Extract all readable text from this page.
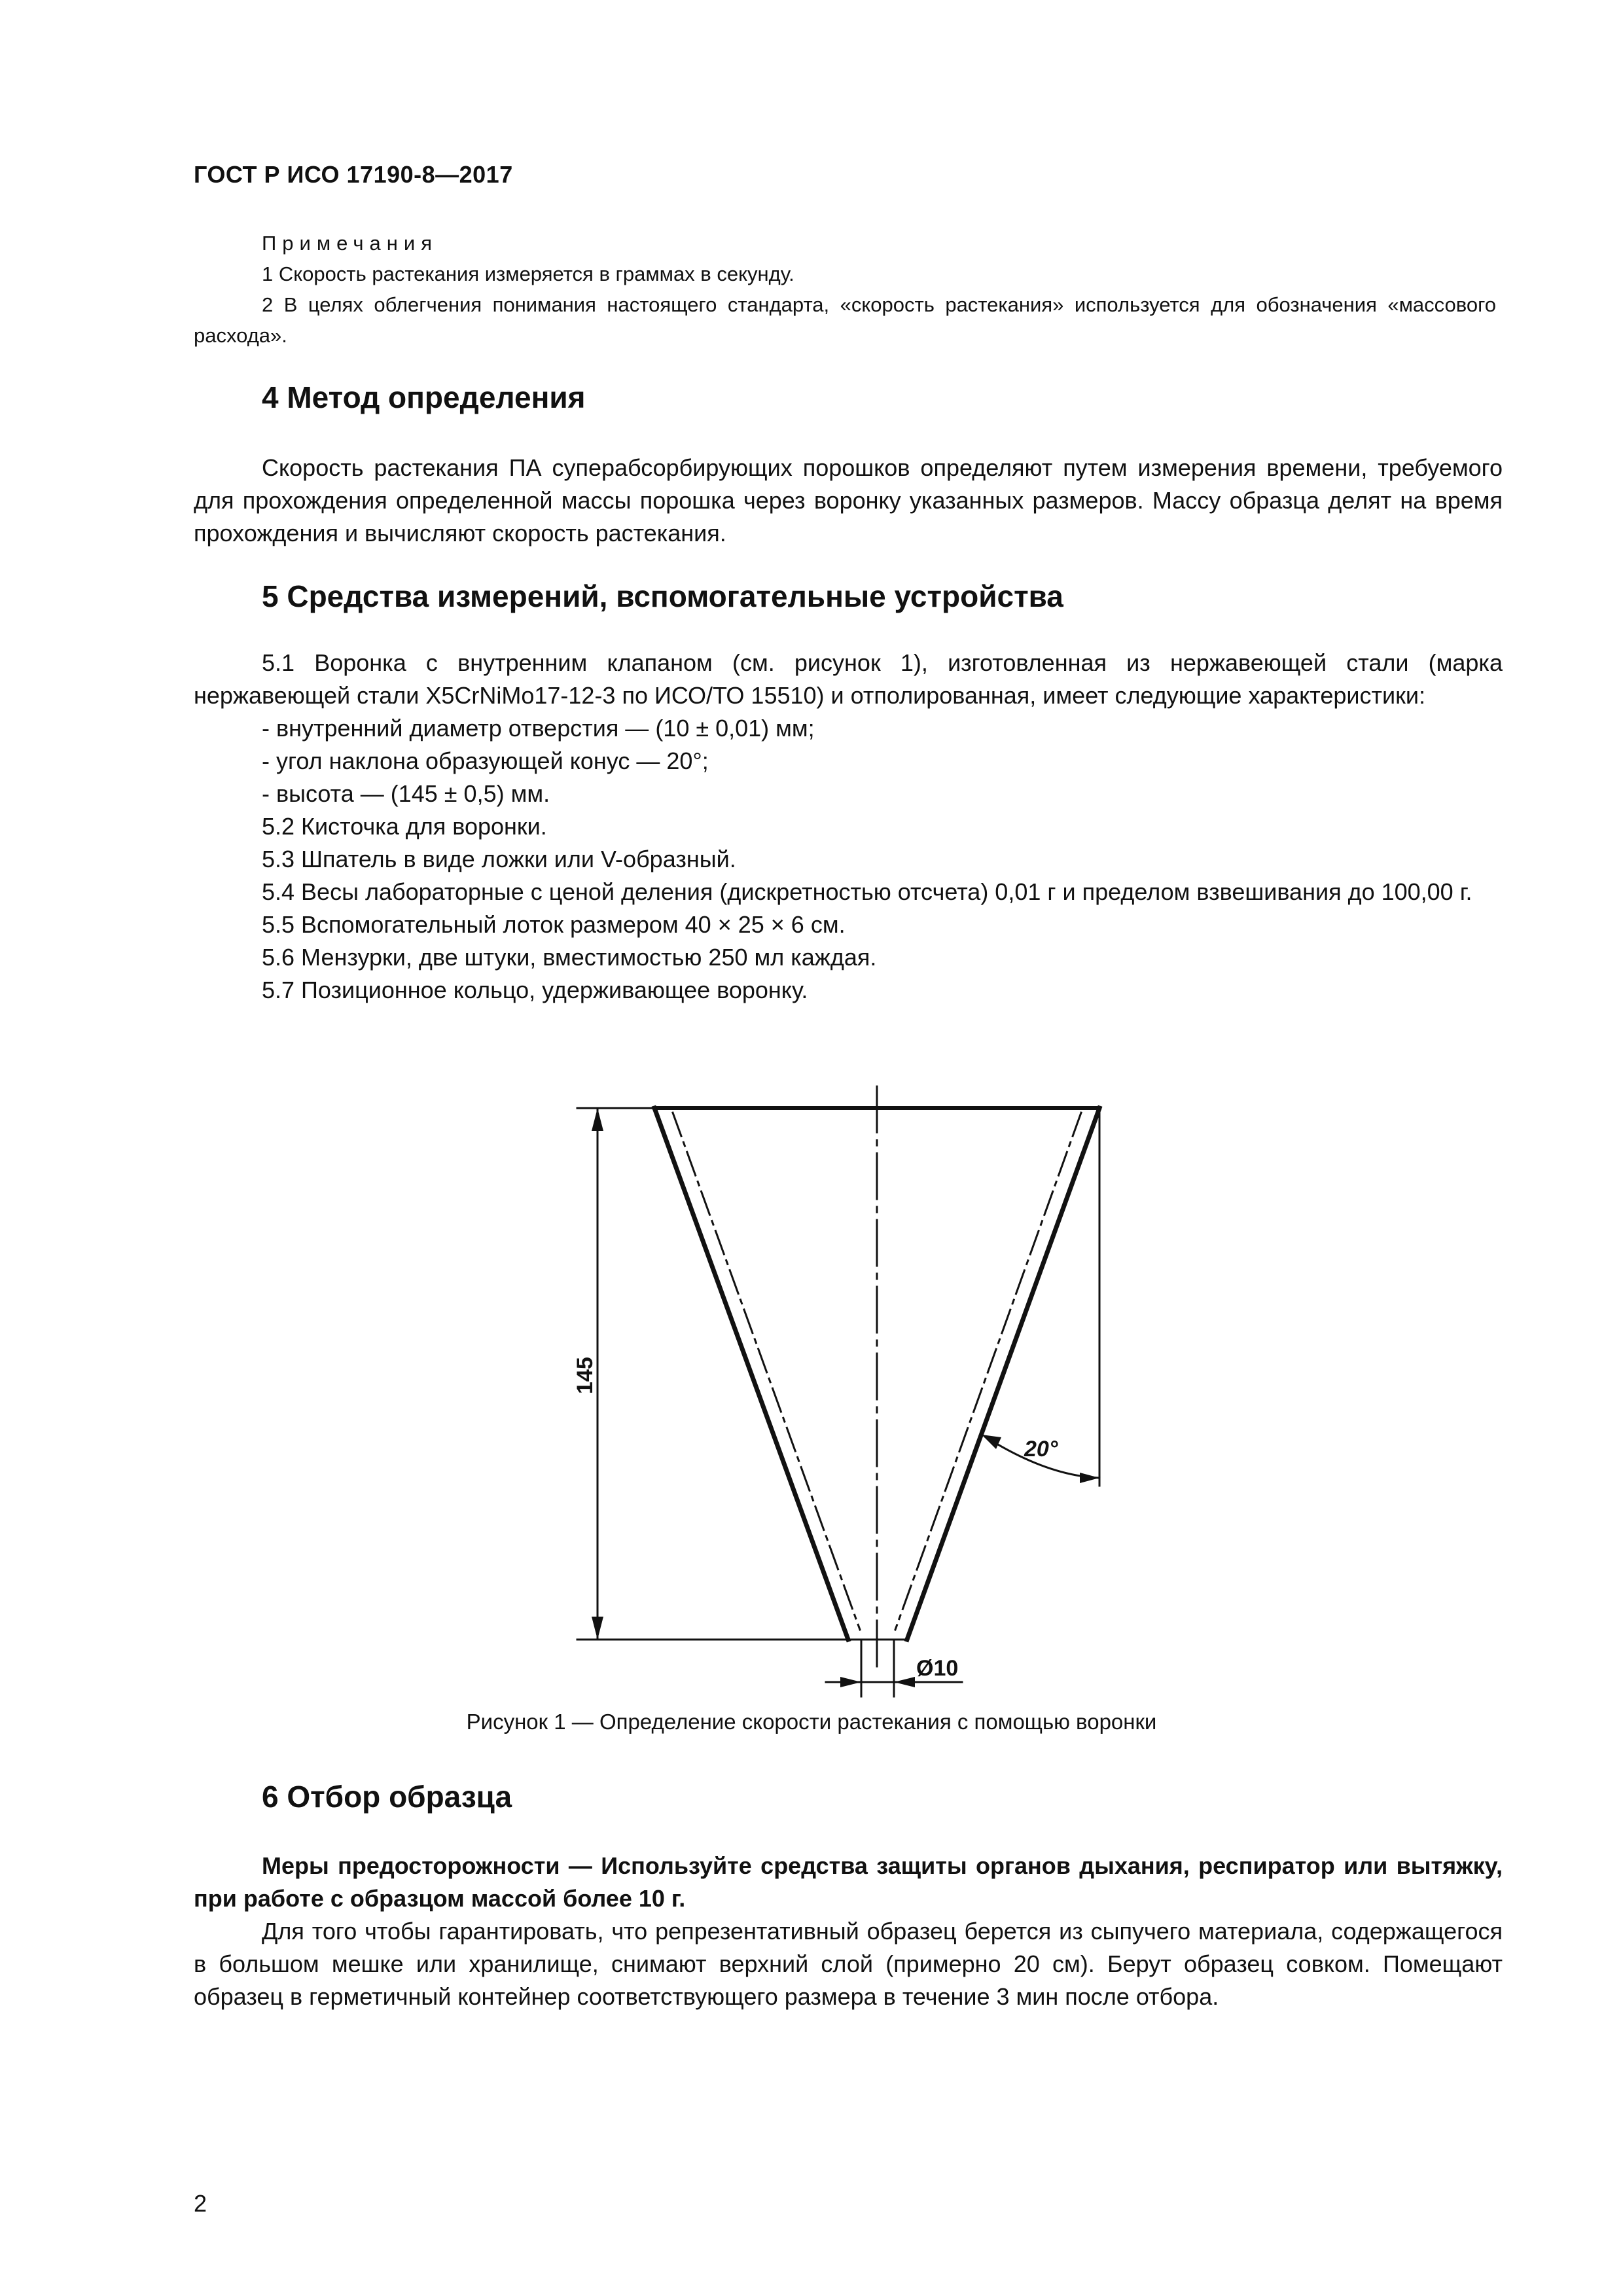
ГОСТ Р ИСО 17190-8—2017
Примечания
1 Скорость растекания измеряется в граммах в секунду.
2 В целях облегчения понимания настоящего стандарта, «скорость растекания» используется для обозначения «массового расхода».
4 Метод определения

Скорость растекания ПА суперабсорбирующих порошков определяют путем измерения времени, требуемого для прохождения определенной массы порошка через воронку указанных размеров. Массу образца делят на время прохождения и вычисляют скорость растекания.

5 Средства измерений, вспомогательные устройства

5.1 Воронка с внутренним клапаном (см. рисунок 1), изготовленная из нержавеющей стали (марка нержавеющей стали X5CrNiMo17-12-3 по ИСО/ТО 15510) и отполированная, имеет следующие характеристики:

- внутренний диаметр отверстия — (10 ± 0,01) мм;

- угол наклона образующей конус — 20°;

- высота — (145 ± 0,5) мм.

5.2 Кисточка для воронки.

5.3 Шпатель в виде ложки или V-образный.

5.4 Весы лабораторные с ценой деления (дискретностью отсчета) 0,01 г и пределом взвешивания до 100,00 г.

5.5 Вспомогательный лоток размером 40 × 25 × 6 см.

5.6 Мензурки, две штуки, вместимостью 250 мл каждая.

5.7 Позиционное кольцо, удерживающее воронку.

145
20°
Ø10
Рисунок 1 — Определение скорости растекания с помощью воронки
6 Отбор образца

Меры предосторожности — Используйте средства защиты органов дыхания, респиратор или вытяжку, при работе с образцом массой более 10 г.

Для того чтобы гарантировать, что репрезентативный образец берется из сыпучего материала, содержащегося в большом мешке или хранилище, снимают верхний слой (примерно 20 см). Берут образец совком. Помещают образец в герметичный контейнер соответствующего размера в течение 3 мин после отбора.

2
